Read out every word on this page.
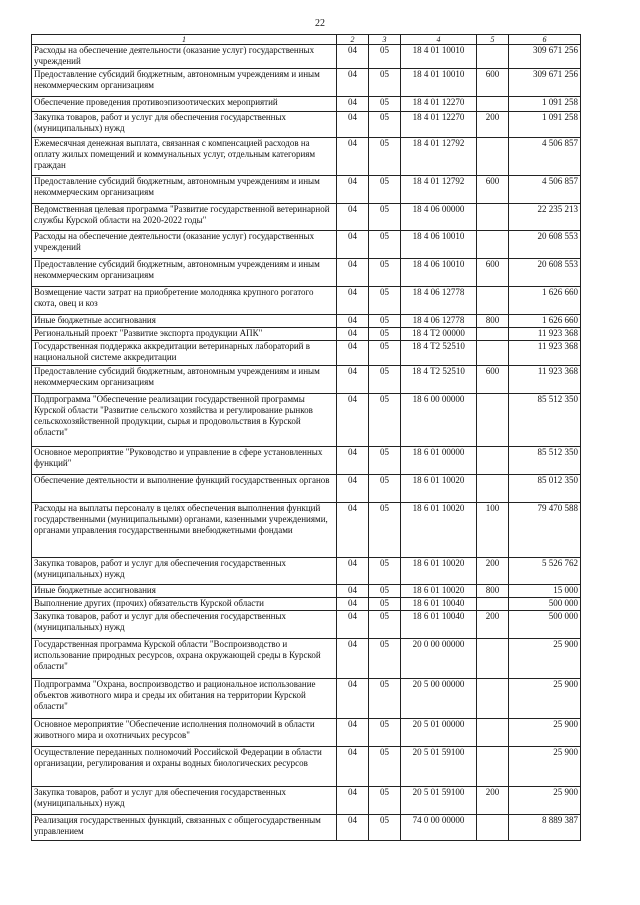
22
1	2	3	4	5	6
Расходы на обеспечение деятельности (оказание услуг) государственных учреждений	04	05	18 4 01 10010		309 671 256
Предоставление субсидий бюджетным, автономным учреждениям и иным некоммерческим организациям	04	05	18 4 01 10010	600	309 671 256
Обеспечение проведения противоэпизоотических мероприятий	04	05	18 4 01 12270		1 091 258
Закупка товаров, работ и услуг для обеспечения государственных (муниципальных) нужд	04	05	18 4 01 12270	200	1 091 258
Ежемесячная денежная выплата, связанная с компенсацией расходов на оплату жилых помещений и коммунальных услуг, отдельным категориям граждан	04	05	18 4 01 12792		4 506 857
Предоставление субсидий бюджетным, автономным учреждениям и иным некоммерческим организациям	04	05	18 4 01 12792	600	4 506 857
Ведомственная целевая программа "Развитие государственной ветеринарной службы Курской области на 2020-2022 годы"	04	05	18 4 06 00000		22 235 213
Расходы на обеспечение деятельности (оказание услуг) государственных учреждений	04	05	18 4 06 10010		20 608 553
Предоставление субсидий бюджетным, автономным учреждениям и иным некоммерческим организациям	04	05	18 4 06 10010	600	20 608 553
Возмещение части затрат на приобретение молодняка крупного рогатого скота, овец и коз	04	05	18 4 06 12778		1 626 660
Иные бюджетные ассигнования	04	05	18 4 06 12778	800	1 626 660
Региональный проект "Развитие экспорта продукции АПК"	04	05	18 4 Т2 00000		11 923 368
Государственная поддержка аккредитации ветеринарных лабораторий в национальной системе аккредитации	04	05	18 4 Т2 52510		11 923 368
Предоставление субсидий бюджетным, автономным учреждениям и иным некоммерческим организациям	04	05	18 4 Т2 52510	600	11 923 368
Подпрограмма "Обеспечение реализации государственной программы Курской области "Развитие сельского хозяйства и регулирование рынков сельскохозяйственной продукции, сырья и продовольствия в Курской области"	04	05	18 6 00 00000		85 512 350
Основное мероприятие "Руководство и управление в сфере установленных функций"	04	05	18 6 01 00000		85 512 350
Обеспечение деятельности и выполнение функций государственных органов	04	05	18 6 01 10020		85 012 350
Расходы на выплаты персоналу в целях обеспечения выполнения функций государственными (муниципальными) органами, казенными учреждениями, органами управления государственными внебюджетными фондами	04	05	18 6 01 10020	100	79 470 588
Закупка товаров, работ и услуг для обеспечения государственных (муниципальных) нужд	04	05	18 6 01 10020	200	5 526 762
Иные бюджетные ассигнования	04	05	18 6 01 10020	800	15 000
Выполнение других (прочих) обязательств Курской области	04	05	18 6 01 10040		500 000
Закупка товаров, работ и услуг для обеспечения государственных (муниципальных) нужд	04	05	18 6 01 10040	200	500 000
Государственная программа Курской области "Воспроизводство и использование природных ресурсов, охрана окружающей среды в Курской области"	04	05	20 0 00 00000		25 900
Подпрограмма "Охрана, воспроизводство и рациональное использование объектов животного мира и среды их обитания на территории Курской области"	04	05	20 5 00 00000		25 900
Основное мероприятие "Обеспечение исполнения полномочий в области животного мира и охотничьих ресурсов"	04	05	20 5 01 00000		25 900
Осуществление переданных полномочий Российской Федерации в области организации, регулирования и охраны водных биологических ресурсов	04	05	20 5 01 59100		25 900
Закупка товаров, работ и услуг для обеспечения государственных (муниципальных) нужд	04	05	20 5 01 59100	200	25 900
Реализация государственных функций, связанных с общегосударственным управлением	04	05	74 0 00 00000		8 889 387
